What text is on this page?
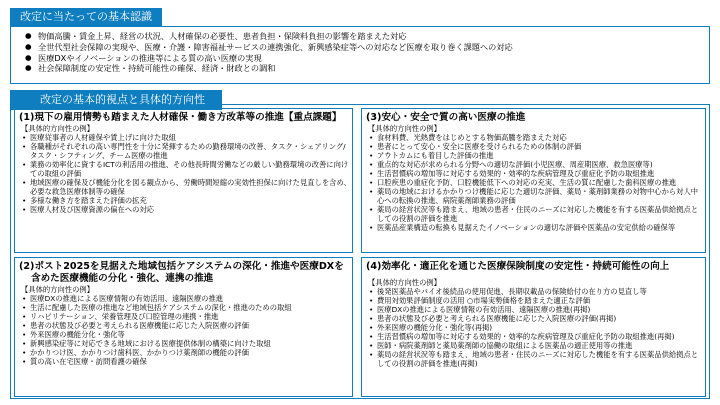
改定に当たっての基本認識
● 物価高騰・賃金上昇、経営の状況、人材確保の必要性、患者負担・保険料負担の影響を踏まえた対応
● 全世代型社会保障の実現や、医療・介護・障害福祉サービスの連携強化、新興感染症等への対応など医療を取り巻く課題への対応
● 医療DXやイノベーションの推進等による質の高い医療の実現
● 社会保障制度の安定性・持続可能性の確保、経済・財政との調和
改定の基本的視点と具体的方向性
(1)現下の雇用情勢も踏まえた人材確保・働き方改革等の推進【重点課題】
【具体的方向性の例】
• 医療従事者の人材確保や賃上げに向けた取組
• 各職種がそれぞれの高い専門性を十分に発揮するための勤務環境の改善、タスク・シェアリング/タスク・シフティング、チーム医療の推進
• 業務の効率化に資するICTの利活用の推進、その他長時間労働などの厳しい勤務環境の改善に向けての取組の評価
• 地域医療の確保及び機能分化を図る観点から、労働時間短縮の実効性担保に向けた見直しを含め、必要な救急医療体制等の確保
• 多様な働き方を踏まえた評価の拡充
• 医療人材及び医療資源の偏在への対応
(3)安心・安全で質の高い医療の推進
【具体的方向性の例】
• 食材料費、光熱費をはじめとする物価高騰を踏まえた対応
• 患者にとって安心・安全に医療を受けられるための体制の評価
• アウトカムにも着目した評価の推進
• 重点的な対応が求められる分野への適切な評価(小児医療、周産期医療、救急医療等)
• 生活習慣病の増加等に対応する効果的・効率的な疾病管理及び重症化予防の取組推進
• 口腔疾患の重症化予防、口腔機能低下への対応の充実、生活の質に配慮した歯科医療の推進
• 薬局の地域におけるかかりつけ機能に応じた適切な評価、薬局・薬剤師業務の対物中心から対人中心への転換の推進、病院薬剤師業務の評価
• 薬局の経営状況等も踏まえ、地域の患者・住民のニーズに対応した機能を有する医薬品供給拠点としての役割の評価を推進
• 医薬品産業構造の転換も見据えたイノベーションの適切な評価や医薬品の安定供給の確保等
(2)ポスト2025を見据えた地域包括ケアシステムの深化・推進や医療DXを
含めた医療機能の分化・強化、連携の推進
【具体的方向性の例】
• 医療DXの推進による医療情報の有効活用、遠隔医療の推進
• 生活に配慮した医療の推進など地域包括ケアシステムの深化・推進のための取組
• リハビリテーション、栄養管理及び口腔管理の連携・推進
• 患者の状態及び必要と考えられる医療機能に応じた入院医療の評価
• 外来医療の機能分化・強化等
• 新興感染症等に対応できる地域における医療提供体制の構築に向けた取組
• かかりつけ医、かかりつけ歯科医、かかりつけ薬剤師の機能の評価
• 質の高い在宅医療・訪問看護の確保
(4)効率化・適正化を通じた医療保険制度の安定性・持続可能性の向上
【具体的方向性の例】
• 後発医薬品やバイオ後続品の使用促進、長期収載品の保険給付の在り方の見直し等
• 費用対効果評価制度の活用 ○市場実勢価格を踏まえた適正な評価
• 医療DXの推進による医療情報の有効活用、遠隔医療の推進(再掲)
• 患者の状態及び必要と考えられる医療機能に応じた入院医療の評価(再掲)
• 外来医療の機能分化・強化等(再掲)
• 生活習慣病の増加等に対応する効果的・効率的な疾病管理及び重症化予防の取組推進(再掲)
• 医師・病院薬剤師と薬局薬剤師の協働の取組による医薬品の適正使用等の推進
• 薬局の経営状況等も踏まえ、地域の患者・住民のニーズに対応した機能を有する医薬品供給拠点としての役割の評価を推進(再掲)
